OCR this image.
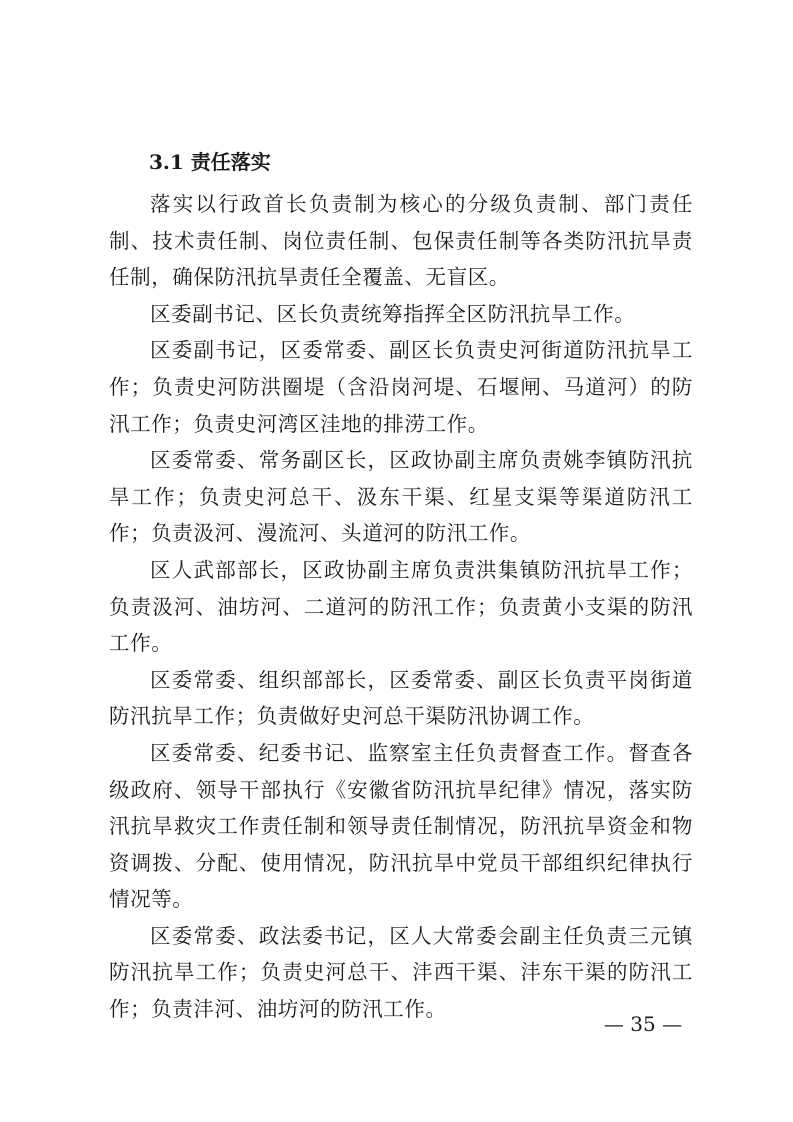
3.1 责任落实

落实以行政首长负责制为核心的分级负责制、部门责任制、技术责任制、岗位责任制、包保责任制等各类防汛抗旱责任制，确保防汛抗旱责任全覆盖、无盲区。

区委副书记、区长负责统筹指挥全区防汛抗旱工作。

区委副书记，区委常委、副区长负责史河街道防汛抗旱工作；负责史河防洪圈堤（含沿岗河堤、石堰闸、马道河）的防汛工作；负责史河湾区洼地的排涝工作。

区委常委、常务副区长，区政协副主席负责姚李镇防汛抗旱工作；负责史河总干、汲东干渠、红星支渠等渠道防汛工作；负责汲河、漫流河、头道河的防汛工作。

区人武部部长，区政协副主席负责洪集镇防汛抗旱工作；负责汲河、油坊河、二道河的防汛工作；负责黄小支渠的防汛工作。

区委常委、组织部部长，区委常委、副区长负责平岗街道防汛抗旱工作；负责做好史河总干渠防汛协调工作。

区委常委、纪委书记、监察室主任负责督查工作。督查各级政府、领导干部执行《安徽省防汛抗旱纪律》情况，落实防汛抗旱救灾工作责任制和领导责任制情况，防汛抗旱资金和物资调拨、分配、使用情况，防汛抗旱中党员干部组织纪律执行情况等。

区委常委、政法委书记，区人大常委会副主任负责三元镇防汛抗旱工作；负责史河总干、沣西干渠、沣东干渠的防汛工作；负责沣河、油坊河的防汛工作。

— 35 —
